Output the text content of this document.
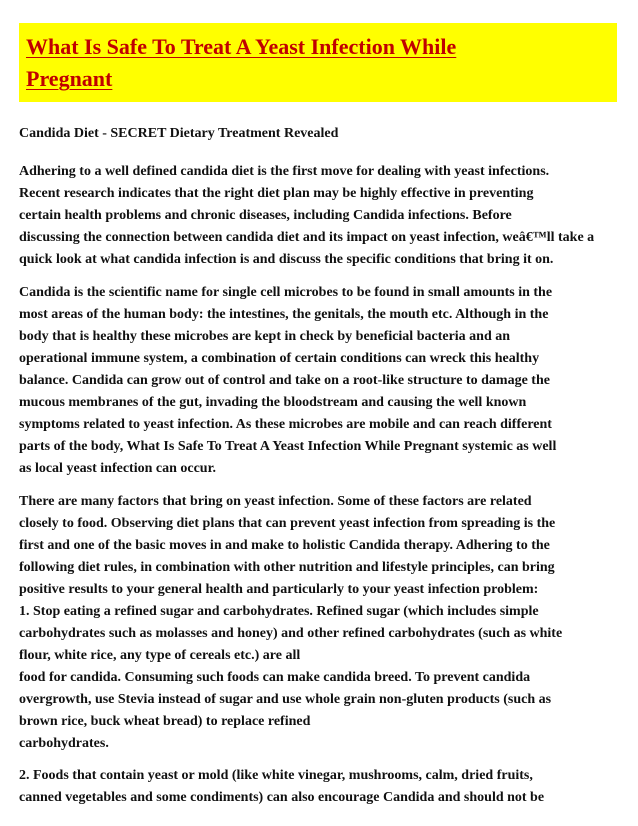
What Is Safe To Treat A Yeast Infection While
Pregnant
Candida Diet - SECRET Dietary Treatment Revealed
Adhering to a well defined candida diet is the first move for dealing with yeast infections.
Recent research indicates that the right diet plan may be highly effective in preventing
certain health problems and chronic diseases, including Candida infections. Before
discussing the connection between candida diet and its impact on yeast infection, weâ€™ll take a
quick look at what candida infection is and discuss the specific conditions that bring it on.
Candida is the scientific name for single cell microbes to be found in small amounts in the
most areas of the human body: the intestines, the genitals, the mouth etc. Although in the
body that is healthy these microbes are kept in check by beneficial bacteria and an
operational immune system, a combination of certain conditions can wreck this healthy
balance. Candida can grow out of control and take on a root-like structure to damage the
mucous membranes of the gut, invading the bloodstream and causing the well known
symptoms related to yeast infection. As these microbes are mobile and can reach different
parts of the body, What Is Safe To Treat A Yeast Infection While Pregnant systemic as well
as local yeast infection can occur.
There are many factors that bring on yeast infection. Some of these factors are related
closely to food. Observing diet plans that can prevent yeast infection from spreading is the
first and one of the basic moves in and make to holistic Candida therapy. Adhering to the
following diet rules, in combination with other nutrition and lifestyle principles, can bring
positive results to your general health and particularly to your yeast infection problem:
1. Stop eating a refined sugar and carbohydrates. Refined sugar (which includes simple
carbohydrates such as molasses and honey) and other refined carbohydrates (such as white
flour, white rice, any type of cereals etc.) are all
food for candida. Consuming such foods can make candida breed. To prevent candida
overgrowth, use Stevia instead of sugar and use whole grain non-gluten products (such as
brown rice, buck wheat bread) to replace refined
carbohydrates.
2. Foods that contain yeast or mold (like white vinegar, mushrooms, calm, dried fruits,
canned vegetables and some condiments) can also encourage Candida and should not be
